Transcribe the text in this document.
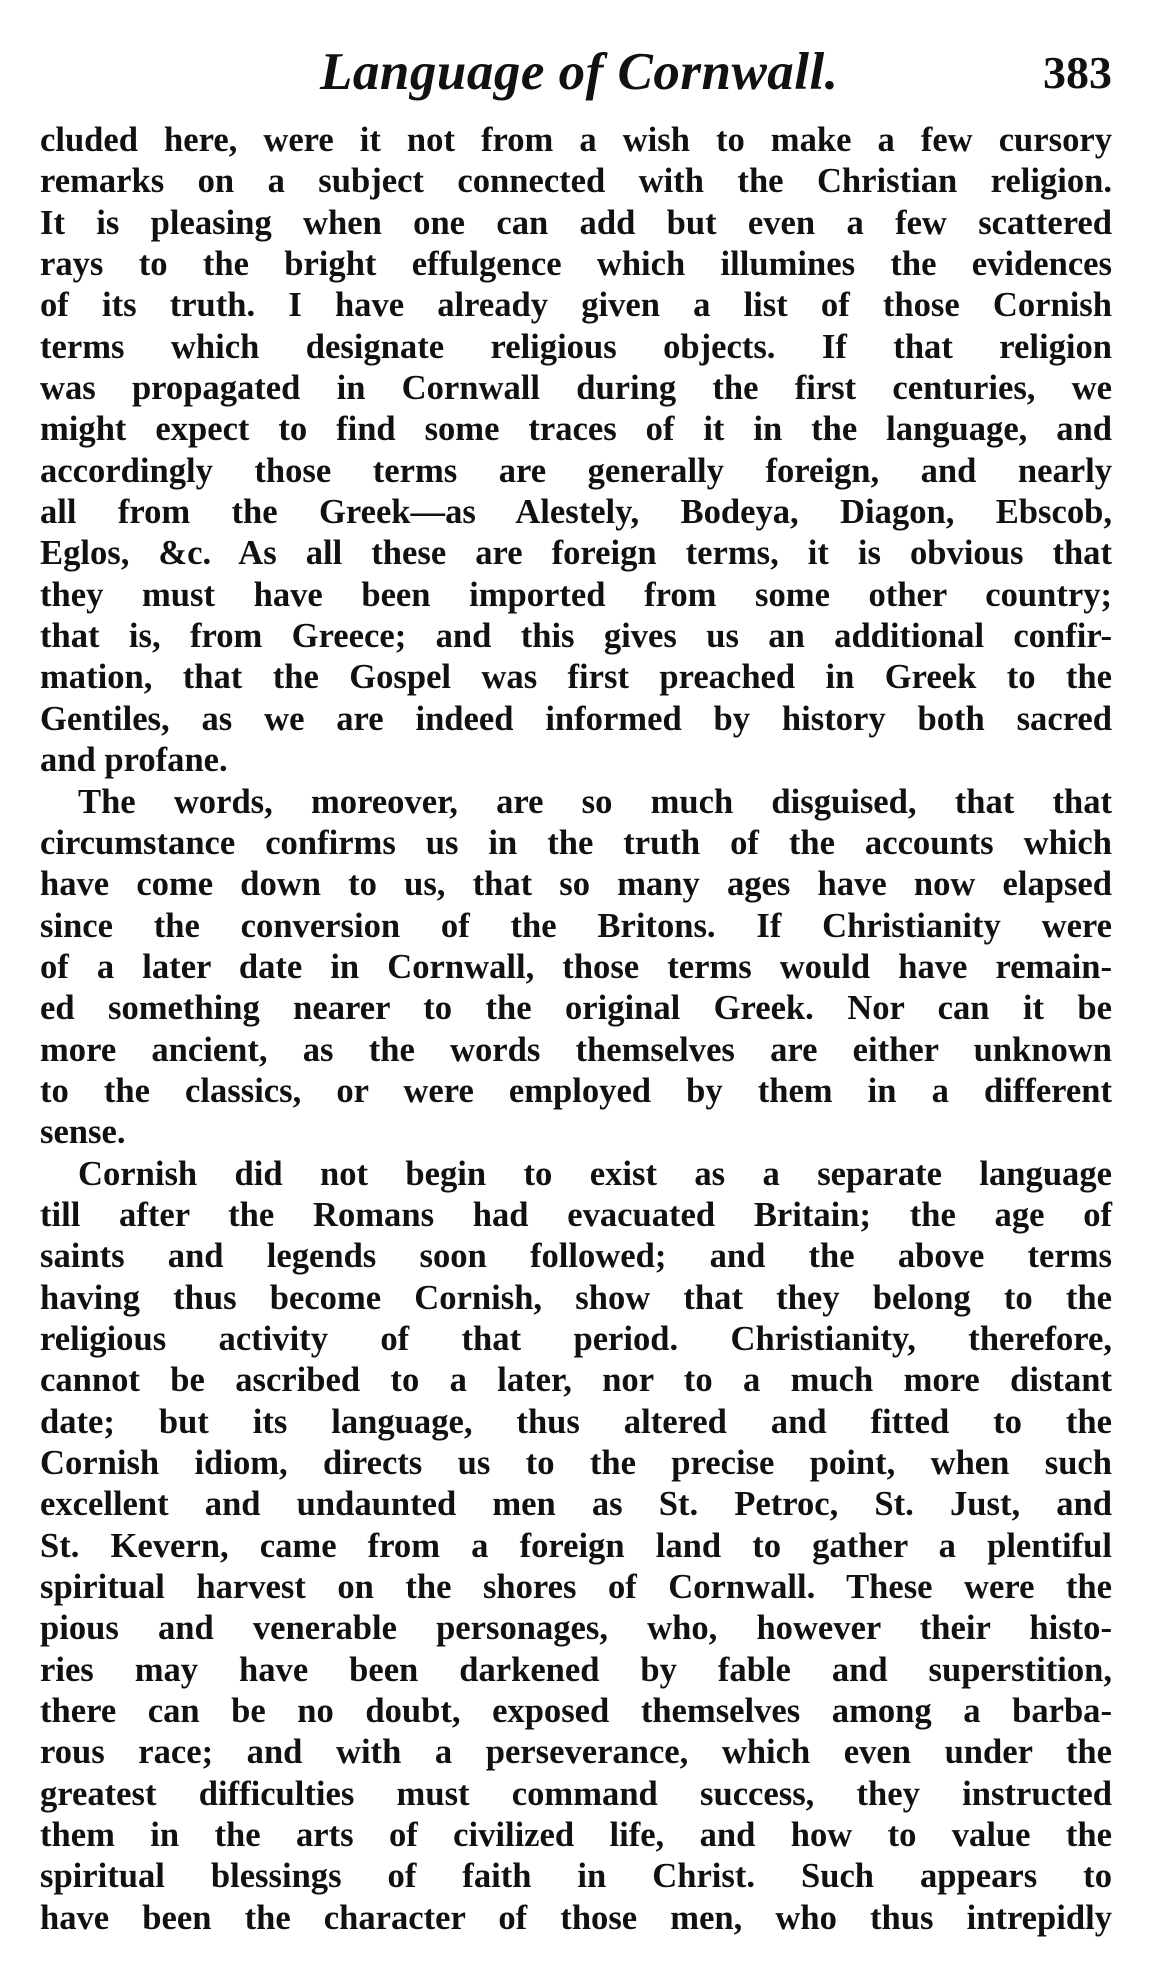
Language of Cornwall.	383

cluded here, were it not from a wish to make a few cursory
remarks on a subject connected with the Christian religion.
It is pleasing when one can add but even a few scattered
rays to the bright effulgence which illumines the evidences
of its truth. I have already given a list of those Cornish
terms which designate religious objects. If that religion
was propagated in Cornwall during the first centuries, we
might expect to find some traces of it in the language, and
accordingly those terms are generally foreign, and nearly
all from the Greek—as Alestely, Bodeya, Diagon, Ebscob,
Eglos, &c. As all these are foreign terms, it is obvious that
they must have been imported from some other country;
that is, from Greece; and this gives us an additional confir-
mation, that the Gospel was first preached in Greek to the
Gentiles, as we are indeed informed by history both sacred
and profane.

The words, moreover, are so much disguised, that that
circumstance confirms us in the truth of the accounts which
have come down to us, that so many ages have now elapsed
since the conversion of the Britons. If Christianity were
of a later date in Cornwall, those terms would have remain-
ed something nearer to the original Greek. Nor can it be
more ancient, as the words themselves are either unknown
to the classics, or were employed by them in a different
sense.

Cornish did not begin to exist as a separate language
till after the Romans had evacuated Britain; the age of
saints and legends soon followed; and the above terms
having thus become Cornish, show that they belong to the
religious activity of that period. Christianity, therefore,
cannot be ascribed to a later, nor to a much more distant
date; but its language, thus altered and fitted to the
Cornish idiom, directs us to the precise point, when such
excellent and undaunted men as St. Petroc, St. Just, and
St. Kevern, came from a foreign land to gather a plentiful
spiritual harvest on the shores of Cornwall. These were the
pious and venerable personages, who, however their histo-
ries may have been darkened by fable and superstition,
there can be no doubt, exposed themselves among a barba-
rous race; and with a perseverance, which even under the
greatest difficulties must command success, they instructed
them in the arts of civilized life, and how to value the
spiritual blessings of faith in Christ. Such appears to
have been the character of those men, who thus intrepidly
